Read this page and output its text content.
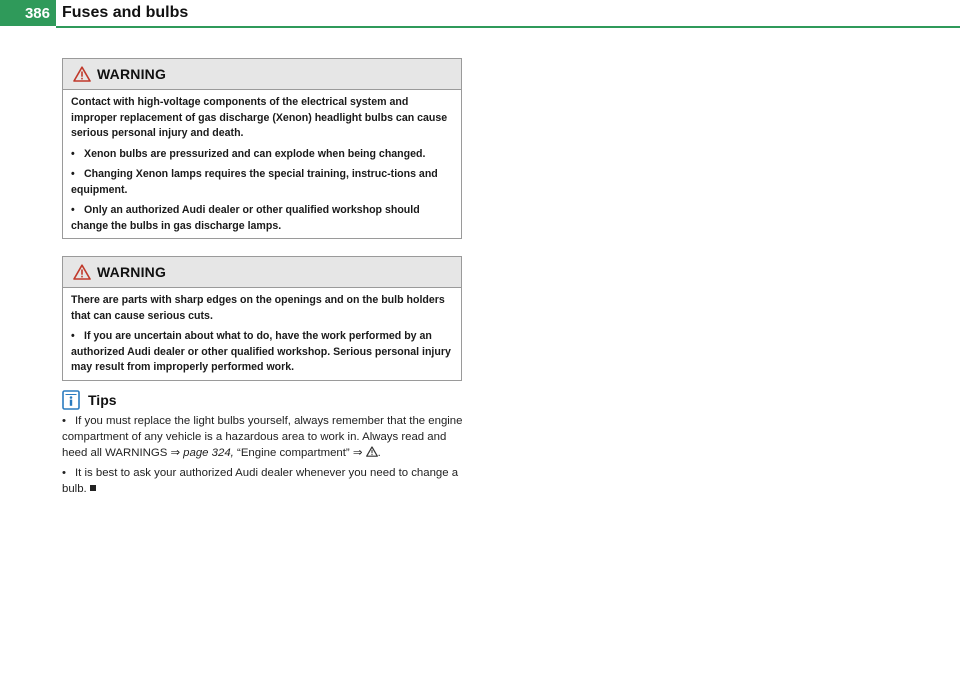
386 Fuses and bulbs
WARNING

Contact with high-voltage components of the electrical system and improper replacement of gas discharge (Xenon) headlight bulbs can cause serious personal injury and death.

• Xenon bulbs are pressurized and can explode when being changed.

• Changing Xenon lamps requires the special training, instruc-tions and equipment.

• Only an authorized Audi dealer or other qualified workshop should change the bulbs in gas discharge lamps.

WARNING

There are parts with sharp edges on the openings and on the bulb holders that can cause serious cuts.

• If you are uncertain about what to do, have the work performed by an authorized Audi dealer or other qualified workshop. Serious personal injury may result from improperly performed work.

Tips

• If you must replace the light bulbs yourself, always remember that the engine compartment of any vehicle is a hazardous area to work in. Always read and heed all WARNINGS ⇒ page 324, “Engine compartment” ⇒ .

• It is best to ask your authorized Audi dealer whenever you need to change a bulb.
